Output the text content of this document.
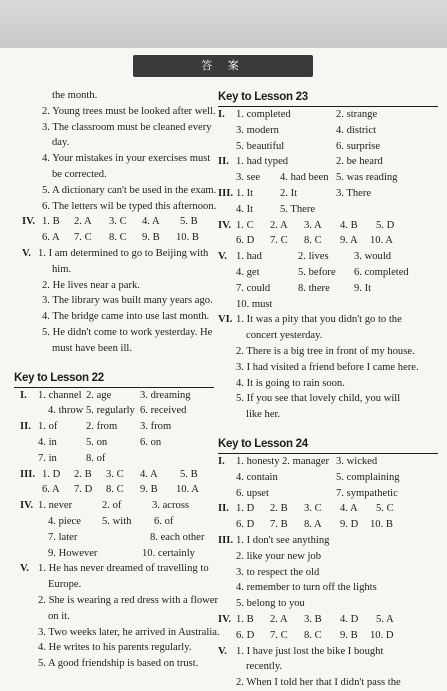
答 案
the month.
2. Young trees must be looked after well.
3. The classroom must be cleaned every
day.
4. Your mistakes in your exercises must
be corrected.
5. A dictionary can't be used in the exam.
6. The letters wil be typed this afternoon.
IV. 1. B 2. A 3. C 4. A 5. B
6. A 7. C 8. C 9. B 10. B
V. 1. I am determined to go to Beijing with
him.
2. He lives near a park.
3. The library was built many years ago.
4. The bridge came into use last month.
5. He didn't come to work yesterday. He
must have been ill.
Key to Lesson 22
I. 1. channel 2. age	3. dreaming
4. throw 5. regularly 6. received
II. 1. of	2. from 3. from
4. in	5. on	6. on
7. in	8. of
III. 1. D 2. B 3. C 4. A 5. B
6. A 7. D 8. C 9. B 10. A
IV. 1. never	2. of	3. across
4. piece 5. with 6. of
7. later	8. each other
9. However	10. certainly
V. 1. He has never dreamed of travelling to
Europe.
2. She is wearing a red dress with a flower
on it.
3. Two weeks later, he arrived in Australia.
4. He writes to his parents regularly.
5. A good friendship is based on trust.
Key to Lesson 23
I. 1. completed	2. strange
3. modern	4. district
5. beautiful	6. surprise
II. 1. had typed	2. be heard
3. see 4. had been 5. was reading
III. 1. It	2. It	3. There
4. It	5. There
IV. 1. C 2. A 3. A 4. B 5. D
6. D 7. C 8. C 9. A 10. A
V. 1. had	2. lives 3. would
4. get	5. before 6. completed
7. could	8. there 9. It
10. must
VI. 1. It was a pity that you didn't go to the
concert yesterday.
2. There is a big tree in front of my house.
3. I had visited a friend before I came here.
4. It is going to rain soon.
5. If you see that lovely child, you will
like her.
Key to Lesson 24
I. 1. honesty 2. manager 3. wicked
4. contain	5. complaining
6. upset	7. sympathetic
II. 1. D 2. B 3. C 4. A 5. C
6. D 7. B 8. A 9. D 10. B
III. 1. I don't see anything
2. like your new job
3. to respect the old
4. remember to turn off the lights
5. belong to you
IV. 1. B 2. A 3. B 4. D 5. A
6. D 7. C 8. C 9. B 10. D
V. 1. I have just lost the bike I bought
recently.
2. When I told her that I didn't pass the
